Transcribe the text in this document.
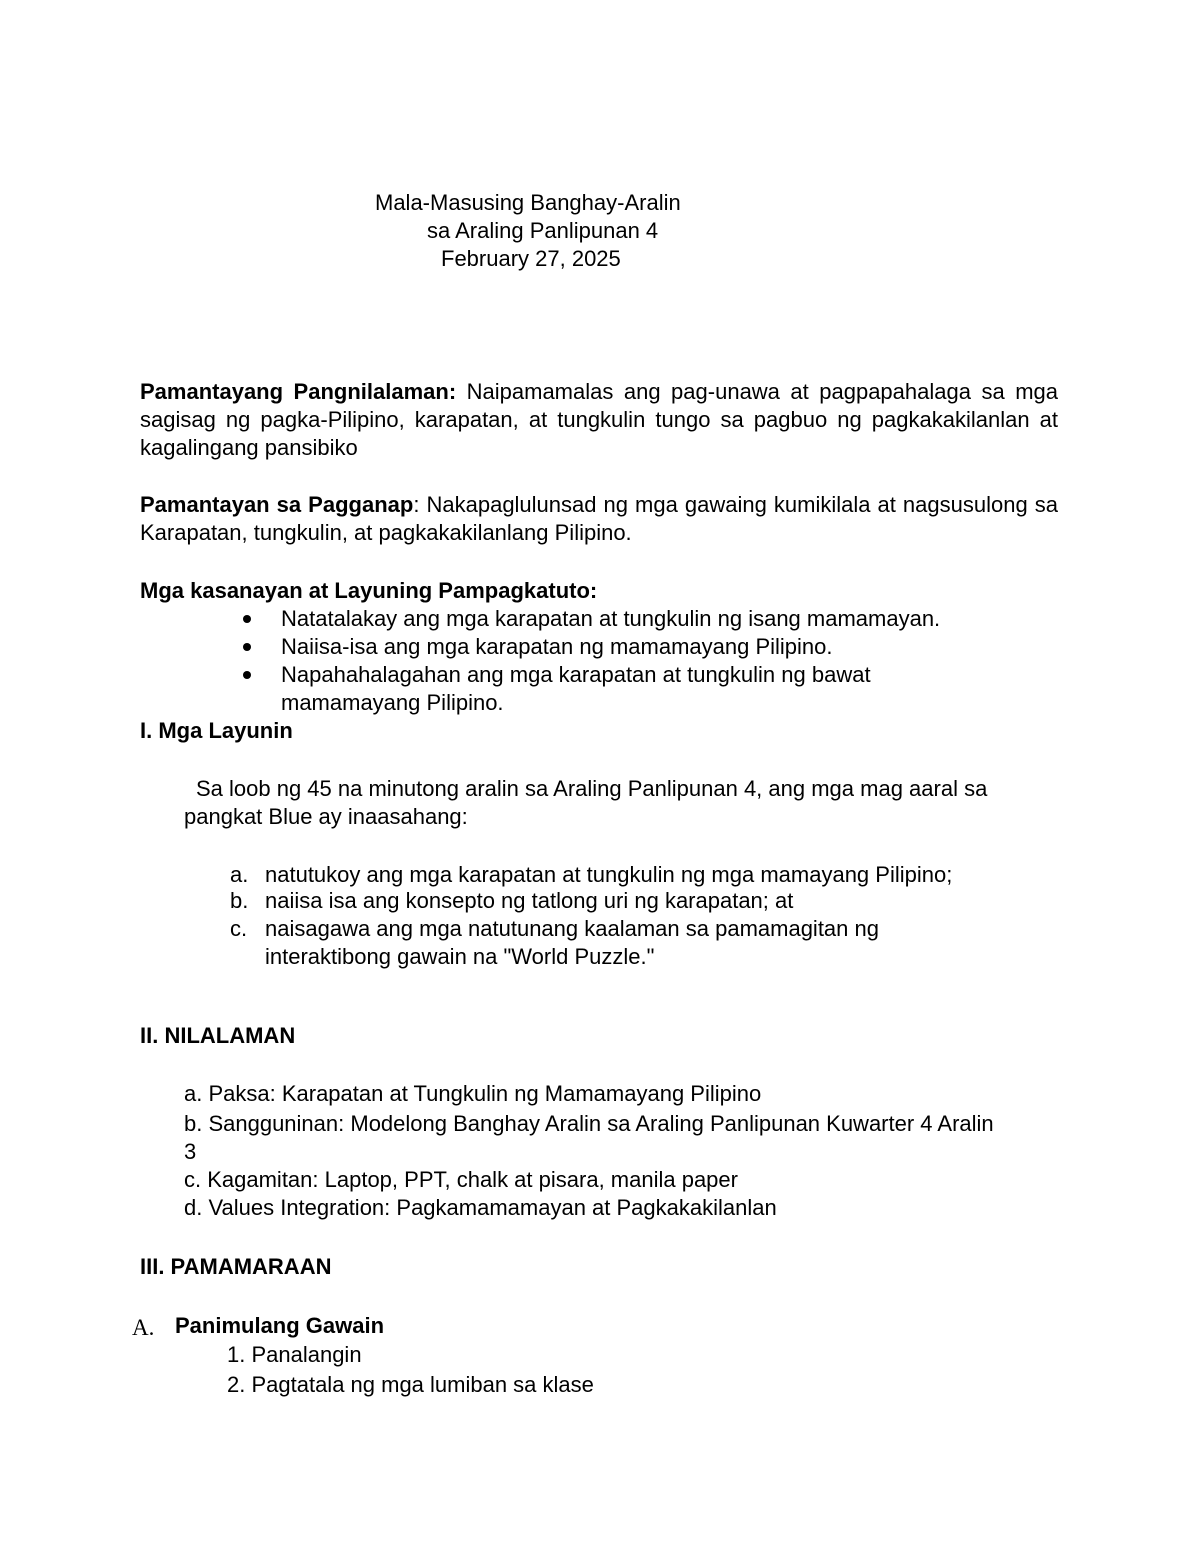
Mala-Masusing Banghay-Aralin
sa Araling Panlipunan 4
February 27, 2025
Pamantayang Pangnilalaman: Naipamamalas ang pag-unawa at pagpapahalaga sa mga sagisag ng pagka-Pilipino, karapatan, at tungkulin tungo sa pagbuo ng pagkakakilanlan at kagalingang pansibiko
Pamantayan sa Pagganap: Nakapaglulunsad ng mga gawaing kumikilala at nagsusulong sa Karapatan, tungkulin, at pagkakakilanlang Pilipino.
Mga kasanayan at Layuning Pampagkatuto:
Natatalakay ang mga karapatan at tungkulin ng isang mamamayan.
Naiisa-isa ang mga karapatan ng mamamayang Pilipino.
Napahahalagahan ang mga karapatan at tungkulin ng bawat
mamamayang Pilipino.
I. Mga Layunin
Sa loob ng 45 na minutong aralin sa Araling Panlipunan 4, ang mga mag aaral sa
pangkat Blue ay inaasahang:
a. natutukoy ang mga karapatan at tungkulin ng mga mamayang Pilipino;
b. naiisa isa ang konsepto ng tatlong uri ng karapatan; at
c. naisagawa ang mga natutunang kaalaman sa pamamagitan ng
interaktibong gawain na "World Puzzle."
II. NILALAMAN
a. Paksa: Karapatan at Tungkulin ng Mamamayang Pilipino
b. Sangguninan: Modelong Banghay Aralin sa Araling Panlipunan Kuwarter 4 Aralin
3
c. Kagamitan: Laptop, PPT, chalk at pisara, manila paper
d. Values Integration: Pagkamamamayan at Pagkakakilanlan
III. PAMAMARAAN
A. Panimulang Gawain
1. Panalangin
2. Pagtatala ng mga lumiban sa klase
